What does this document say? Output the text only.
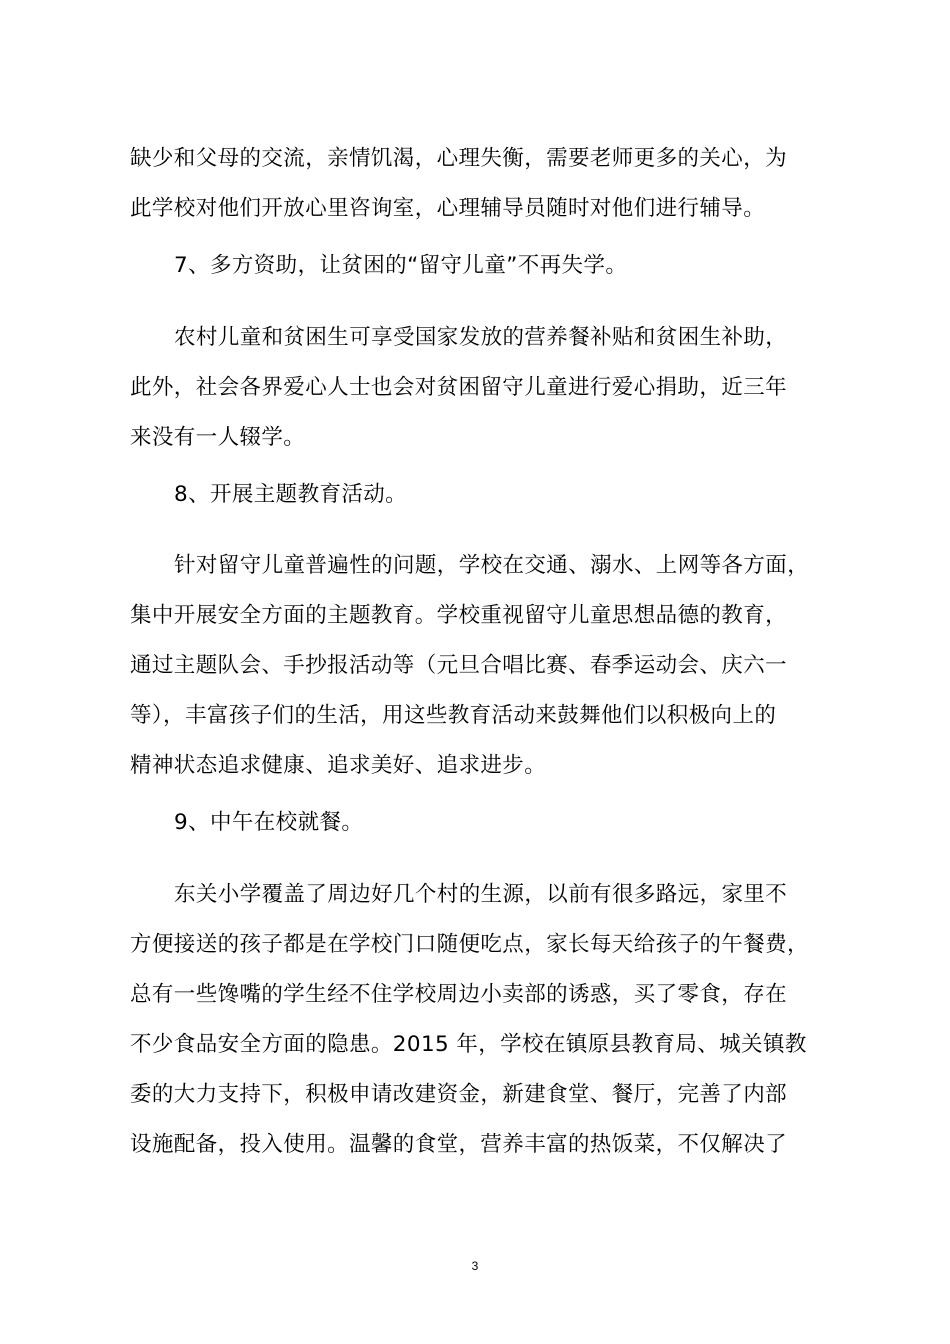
缺少和父母的交流，亲情饥渴，心理失衡，需要老师更多的关心，为
此学校对他们开放心里咨询室，心理辅导员随时对他们进行辅导。
7、多方资助，让贫困的“留守儿童”不再失学。
农村儿童和贫困生可享受国家发放的营养餐补贴和贫困生补助，
此外，社会各界爱心人士也会对贫困留守儿童进行爱心捐助，近三年
来没有一人辍学。
8、开展主题教育活动。
针对留守儿童普遍性的问题，学校在交通、溺水、上网等各方面，
集中开展安全方面的主题教育。学校重视留守儿童思想品德的教育，
通过主题队会、手抄报活动等（元旦合唱比赛、春季运动会、庆六一
等），丰富孩子们的生活，用这些教育活动来鼓舞他们以积极向上的
精神状态追求健康、追求美好、追求进步。
9、中午在校就餐。
东关小学覆盖了周边好几个村的生源，以前有很多路远，家里不
方便接送的孩子都是在学校门口随便吃点，家长每天给孩子的午餐费，
总有一些馋嘴的学生经不住学校周边小卖部的诱惑，买了零食，存在
不少食品安全方面的隐患。2015 年，学校在镇原县教育局、城关镇教
委的大力支持下，积极申请改建资金，新建食堂、餐厅，完善了内部
设施配备，投入使用。温馨的食堂，营养丰富的热饭菜，不仅解决了
3
